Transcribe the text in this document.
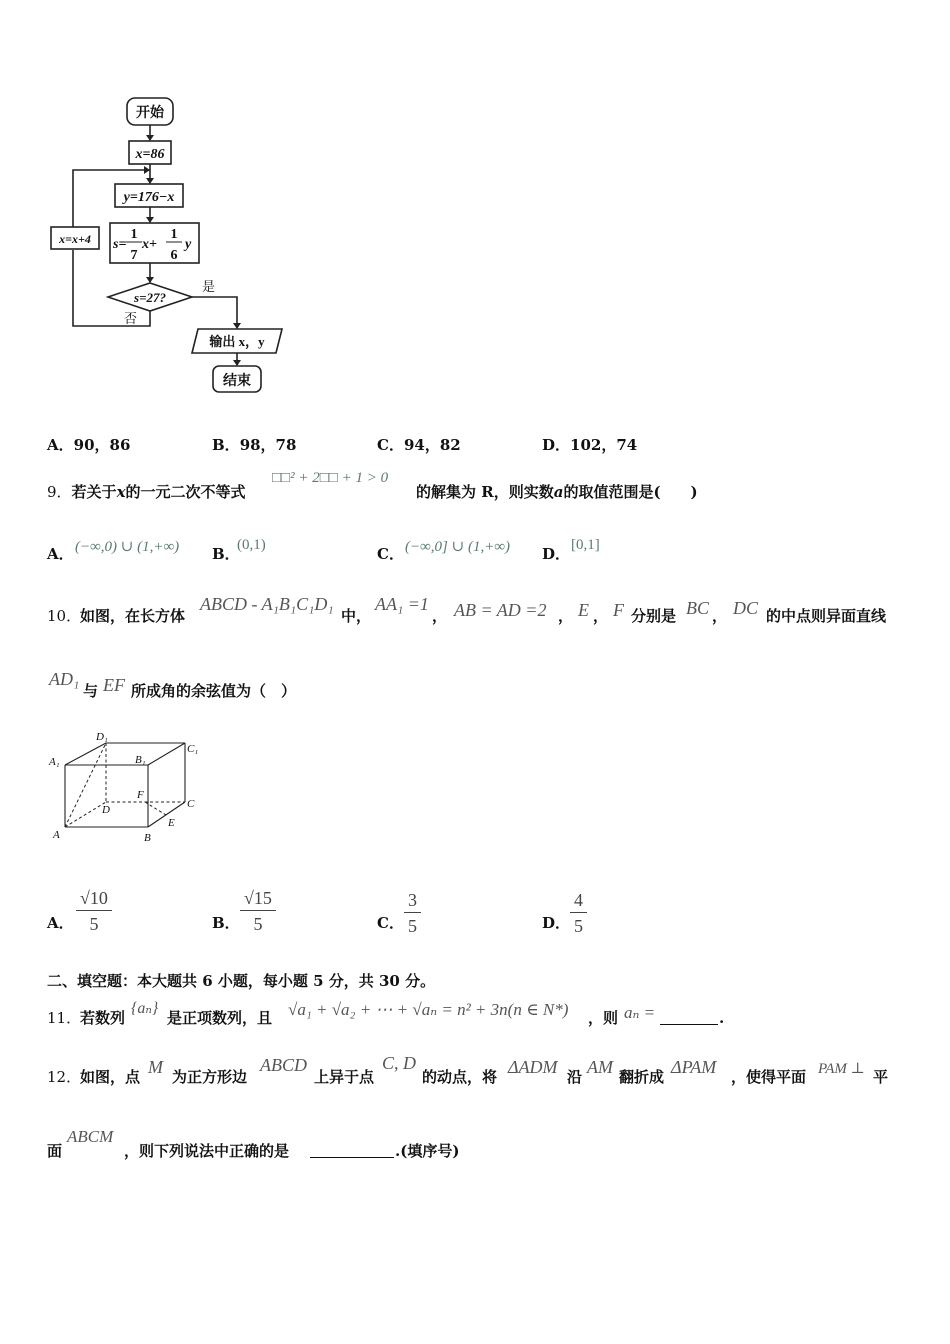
开始
x=86
y=176−x
s=
1
7
x+
1
6
y
x=x+4
s=27?
是
否
输出 x，y
结束
A．90，86	B．98，78	C．94，82	D．102，74
9．若关于x的一元二次不等式
□□² + 2□□ + 1 > 0
的解集为 R，则实数a的取值范围是(　　)
A． (−∞,0) ∪ (1,+∞) B．
(0,1)	C． (−∞,0] ∪ (1,+∞) D． [0,1]
10．
如图，在长方体
ABCD - A₁B₁C₁D₁
中，
AA₁ =1
， AB = AD =2 ， E ， F 分别是 BC ， DC 的中点则异面直线
AD₁
与 EF 所成角的余弦值为（　）
A₁
D₁
B₁
C₁
F
D	C
E
A	B
A． $\frac{√10}{5}$	B． $\frac{√15}{5}$	C． $\frac{3}{5}$	D． $\frac{4}{5}$
二、填空题：本大题共 6 小题，每小题 5 分，共 30 分。
11．
若数列
{aₙ}
是正项数列，且 √a₁ + √a₂ + ⋯ + √aₙ = n² + 3n(n ∈ N*) ，则 aₙ =	.
12．
如图，点 M 为正方形边
ABCD
上异于点
C, D
的动点，将 ΔADM 沿 AM 翻折成 ΔPAM ，使得平面 PAM ⊥ 平
面
ABCM
，则下列说法中正确的是	.(填序号)
